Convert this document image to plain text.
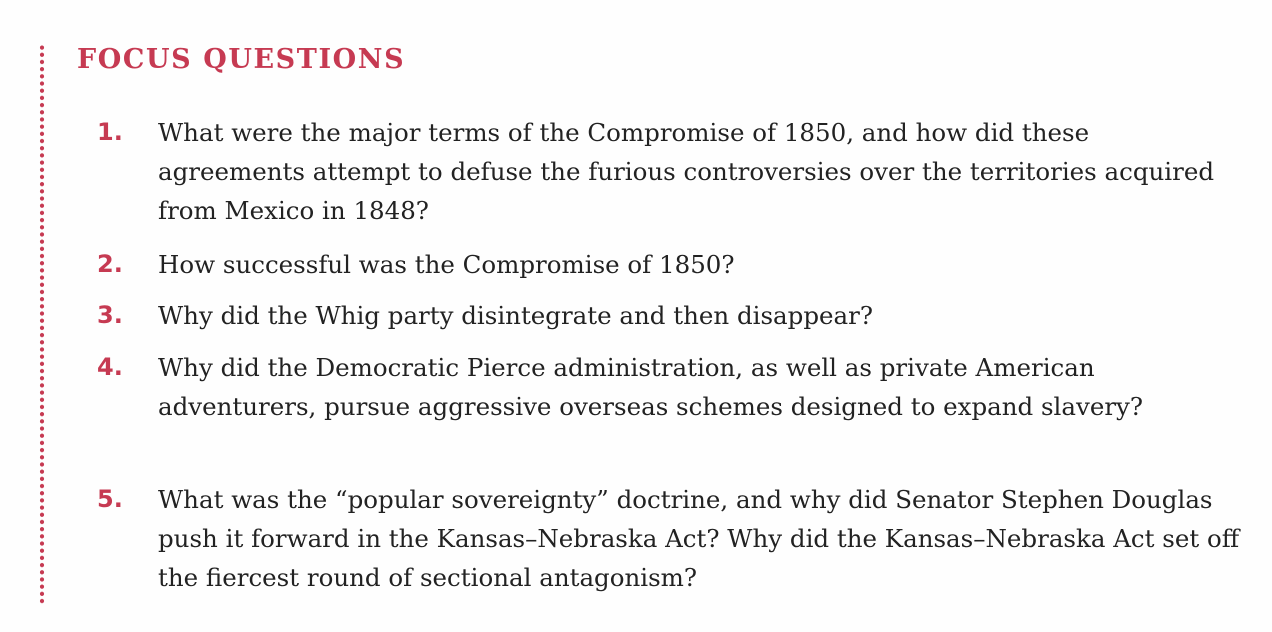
FOCUS QUESTIONS
1. What were the major terms of the Compromise of 1850, and how did these agreements attempt to defuse the furious controversies over the territories acquired from Mexico in 1848?
2. How successful was the Compromise of 1850?
3. Why did the Whig party disintegrate and then disappear?
4. Why did the Democratic Pierce administration, as well as private American adventurers, pursue aggressive overseas schemes designed to expand slavery?
5. What was the “popular sovereignty” doctrine, and why did Senator Stephen Douglas push it forward in the Kansas–Nebraska Act? Why did the Kansas–Nebraska Act set off the fiercest round of sectional antagonism?
